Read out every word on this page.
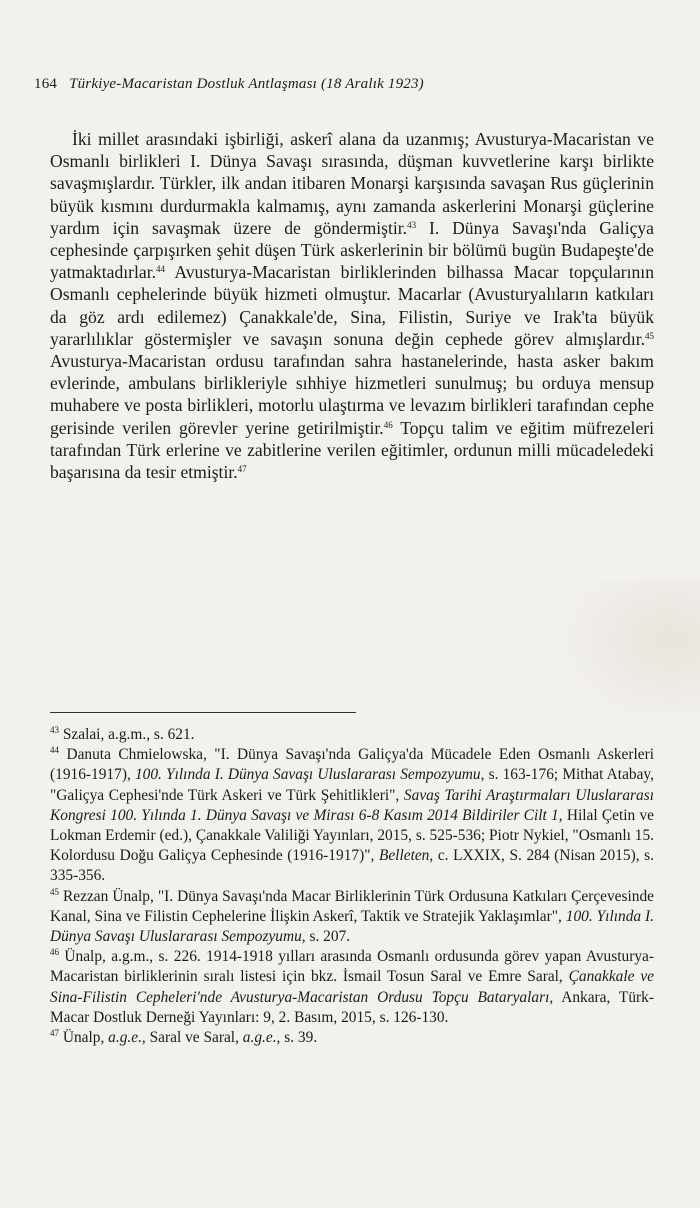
164 Türkiye-Macaristan Dostluk Antlaşması (18 Aralık 1923)

İki millet arasındaki işbirliği, askerî alana da uzanmış; Avusturya-Macaristan ve Osmanlı birlikleri I. Dünya Savaşı sırasında, düşman kuvvetlerine karşı birlikte savaşmışlardır. Türkler, ilk andan itibaren Monarşi karşısında savaşan Rus güçlerinin büyük kısmını durdurmakla kalmamış, aynı zamanda askerlerini Monarşi güçlerine yardım için savaşmak üzere de göndermiştir.$^{43}$ I. Dünya Savaşı'nda Galiçya cephesinde çarpışırken şehit düşen Türk askerlerinin bir bölümü bugün Budapeşte'de yatmaktadırlar.$^{44}$ Avusturya-Macaristan birliklerinden bilhassa Macar topçularının Osmanlı cephelerinde büyük hizmeti olmuştur. Macarlar (Avusturyalıların katkıları da göz ardı edilemez) Çanakkale'de, Sina, Filistin, Suriye ve Irak'ta büyük yararlılıklar göstermişler ve savaşın sonuna değin cephede görev almışlardır.$^{45}$ Avusturya-Macaristan ordusu tarafından sahra hastanelerinde, hasta asker bakım evlerinde, ambulans birlikleriyle sıhhiye hizmetleri sunulmuş; bu orduya mensup muhabere ve posta birlikleri, motorlu ulaştırma ve levazım birlikleri tarafından cephe gerisinde verilen görevler yerine getirilmiştir.$^{46}$ Topçu talim ve eğitim müfrezeleri tarafından Türk erlerine ve zabitlerine verilen eğitimler, ordunun milli mücadeledeki başarısına da tesir etmiştir.$^{47}$

$^{43}$ Szalai, a.g.m., s. 621.

$^{44}$ Danuta Chmielowska, "I. Dünya Savaşı'nda Galiçya'da Mücadele Eden Osmanlı Askerleri (1916-1917), 100. Yılında I. Dünya Savaşı Uluslararası Sempozyumu, s. 163-176; Mithat Atabay, "Galiçya Cephesi'nde Türk Askeri ve Türk Şehitlikleri", Savaş Tarihi Araştırmaları Uluslararası Kongresi 100. Yılında 1. Dünya Savaşı ve Mirası 6-8 Kasım 2014 Bildiriler Cilt 1, Hilal Çetin ve Lokman Erdemir (ed.), Çanakkale Valiliği Yayınları, 2015, s. 525-536; Piotr Nykiel, "Osmanlı 15. Kolordusu Doğu Galiçya Cephesinde (1916-1917)", Belleten, c. LXXIX, S. 284 (Nisan 2015), s. 335-356.

$^{45}$ Rezzan Ünalp, "I. Dünya Savaşı'nda Macar Birliklerinin Türk Ordusuna Katkıları Çerçevesinde Kanal, Sina ve Filistin Cephelerine İlişkin Askerî, Taktik ve Stratejik Yaklaşımlar", 100. Yılında I. Dünya Savaşı Uluslararası Sempozyumu, s. 207.

$^{46}$ Ünalp, a.g.m., s. 226. 1914-1918 yılları arasında Osmanlı ordusunda görev yapan Avusturya-Macaristan birliklerinin sıralı listesi için bkz. İsmail Tosun Saral ve Emre Saral, Çanakkale ve Sina-Filistin Cepheleri'nde Avusturya-Macaristan Ordusu Topçu Bataryaları, Ankara, Türk-Macar Dostluk Derneği Yayınları: 9, 2. Basım, 2015, s. 126-130.

$^{47}$ Ünalp, a.g.e., Saral ve Saral, a.g.e., s. 39.
